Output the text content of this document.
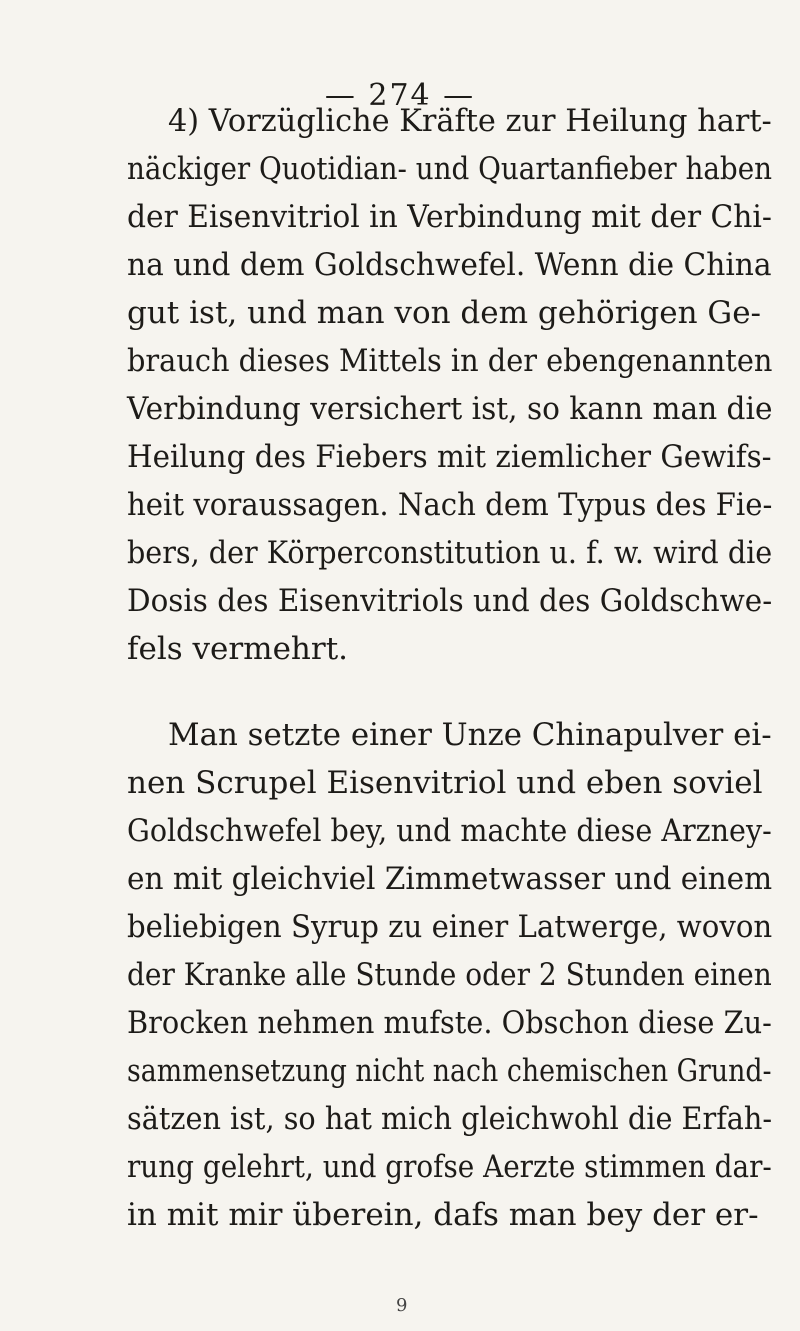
— 274 —
4) Vorzügliche Kräfte zur Heilung hart-
näckiger Quotidian- und Quartanfieber haben
der Eisenvitriol in Verbindung mit der Chi-
na und dem Goldschwefel. Wenn die China
gut ist, und man von dem gehörigen Ge-
brauch dieses Mittels in der ebengenannten
Verbindung versichert ist, so kann man die
Heilung des Fiebers mit ziemlicher Gewifs-
heit voraussagen. Nach dem Typus des Fie-
bers, der Körperconstitution u. f. w. wird die
Dosis des Eisenvitriols und des Goldschwe-
fels vermehrt.
Man setzte einer Unze Chinapulver ei-
nen Scrupel Eisenvitriol und eben soviel
Goldschwefel bey, und machte diese Arzney-
en mit gleichviel Zimmetwasser und einem
beliebigen Syrup zu einer Latwerge, wovon
der Kranke alle Stunde oder 2 Stunden einen
Brocken nehmen mufste. Obschon diese Zu-
sammensetzung nicht nach chemischen Grund-
sätzen ist, so hat mich gleichwohl die Erfah-
rung gelehrt, und grofse Aerzte stimmen dar-
in mit mir überein, dafs man bey der er-
9
